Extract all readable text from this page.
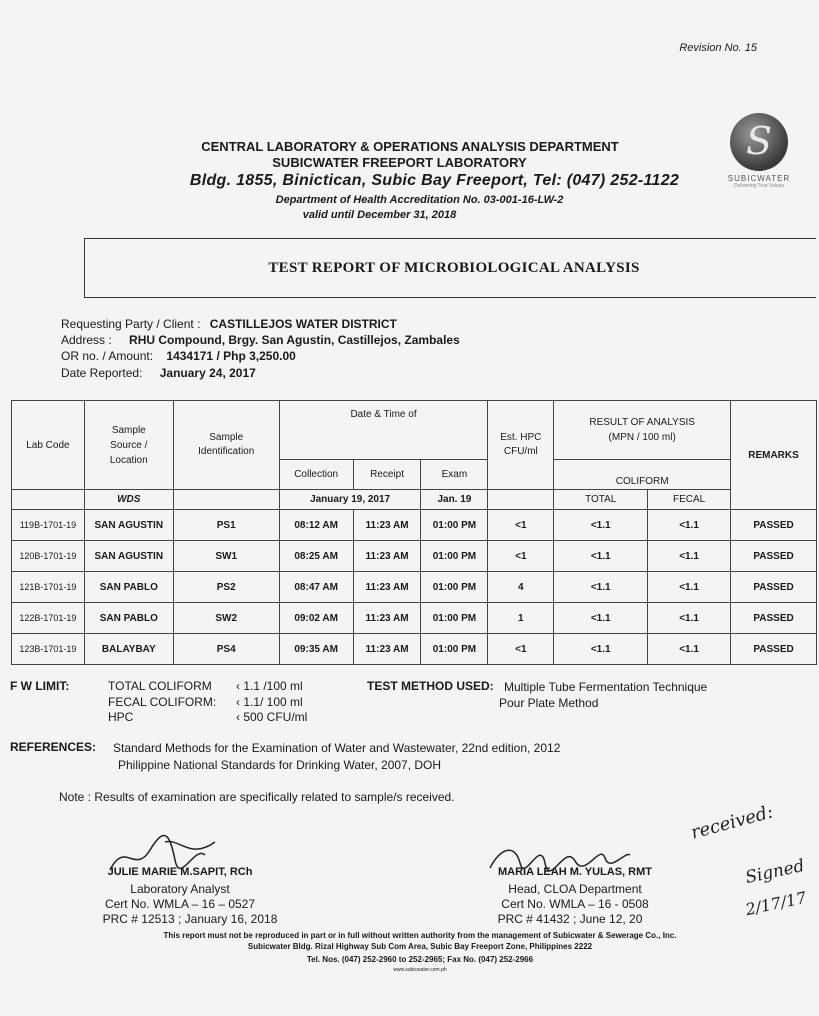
Revision No. 15
CENTRAL LABORATORY & OPERATIONS ANALYSIS DEPARTMENT
SUBICWATER FREEPORT LABORATORY
Bldg. 1855, Binictican, Subic Bay Freeport, Tel: (047) 252-1122
Department of Health Accreditation No. 03-001-16-LW-2
valid until December 31, 2018
S
SUBICWATER
Delivering True Values
TEST REPORT OF MICROBIOLOGICAL ANALYSIS
Requesting Party / Client : CASTILLEJOS WATER DISTRICT
Address : RHU Compound, Brgy. San Agustin, Castillejos, Zambales
OR no. / Amount: 1434171 / Php 3,250.00
Date Reported: January 24, 2017
Lab Code	Sample Source / Location	Sample Identification	Date & Time of			Est. HPC CFU/ml	RESULT OF ANALYSIS (MPN / 100 ml)		REMARKS
			Collection	Receipt	Exam		COLIFORM		
	WDS		January 19, 2017		Jan. 19		TOTAL	FECAL	
119B-1701-19	SAN AGUSTIN	PS1	08:12 AM	11:23 AM	01:00 PM	<1	<1.1	<1.1	PASSED
120B-1701-19	SAN AGUSTIN	SW1	08:25 AM	11:23 AM	01:00 PM	<1	<1.1	<1.1	PASSED
121B-1701-19	SAN PABLO	PS2	08:47 AM	11:23 AM	01:00 PM	4	<1.1	<1.1	PASSED
122B-1701-19	SAN PABLO	SW2	09:02 AM	11:23 AM	01:00 PM	1	<1.1	<1.1	PASSED
123B-1701-19	BALAYBAY	PS4	09:35 AM	11:23 AM	01:00 PM	<1	<1.1	<1.1	PASSED
F W LIMIT:	TOTAL COLIFORM ‹ 1.1 /100 ml
FECAL COLIFORM: ‹ 1.1/ 100 ml
HPC	‹ 500 CFU/ml
TEST METHOD USED: Multiple Tube Fermentation Technique
Pour Plate Method
REFERENCES: Standard Methods for the Examination of Water and Wastewater, 22nd edition, 2012
Philippine National Standards for Drinking Water, 2007, DOH
Note : Results of examination are specifically related to sample/s received.
JULIE MARIE M.SAPIT, RCh
Laboratory Analyst
Cert No. WMLA – 16 – 0527
PRC # 12513 ; January 16, 2018
MARIA LEAH M. YULAS, RMT
Head, CLOA Department
Cert No. WMLA – 16 - 0508
PRC # 41432 ; June 12, 20
received:
Signed
2/17/17
This report must not be reproduced in part or in full without written authority from the management of Subicwater & Sewerage Co., Inc.
Subicwater Bldg. Rizal Highway Sub Com Area, Subic Bay Freeport Zone, Philippines 2222
Tel. Nos. (047) 252-2960 to 252-2965; Fax No. (047) 252-2966
www.subicwater.com.ph
